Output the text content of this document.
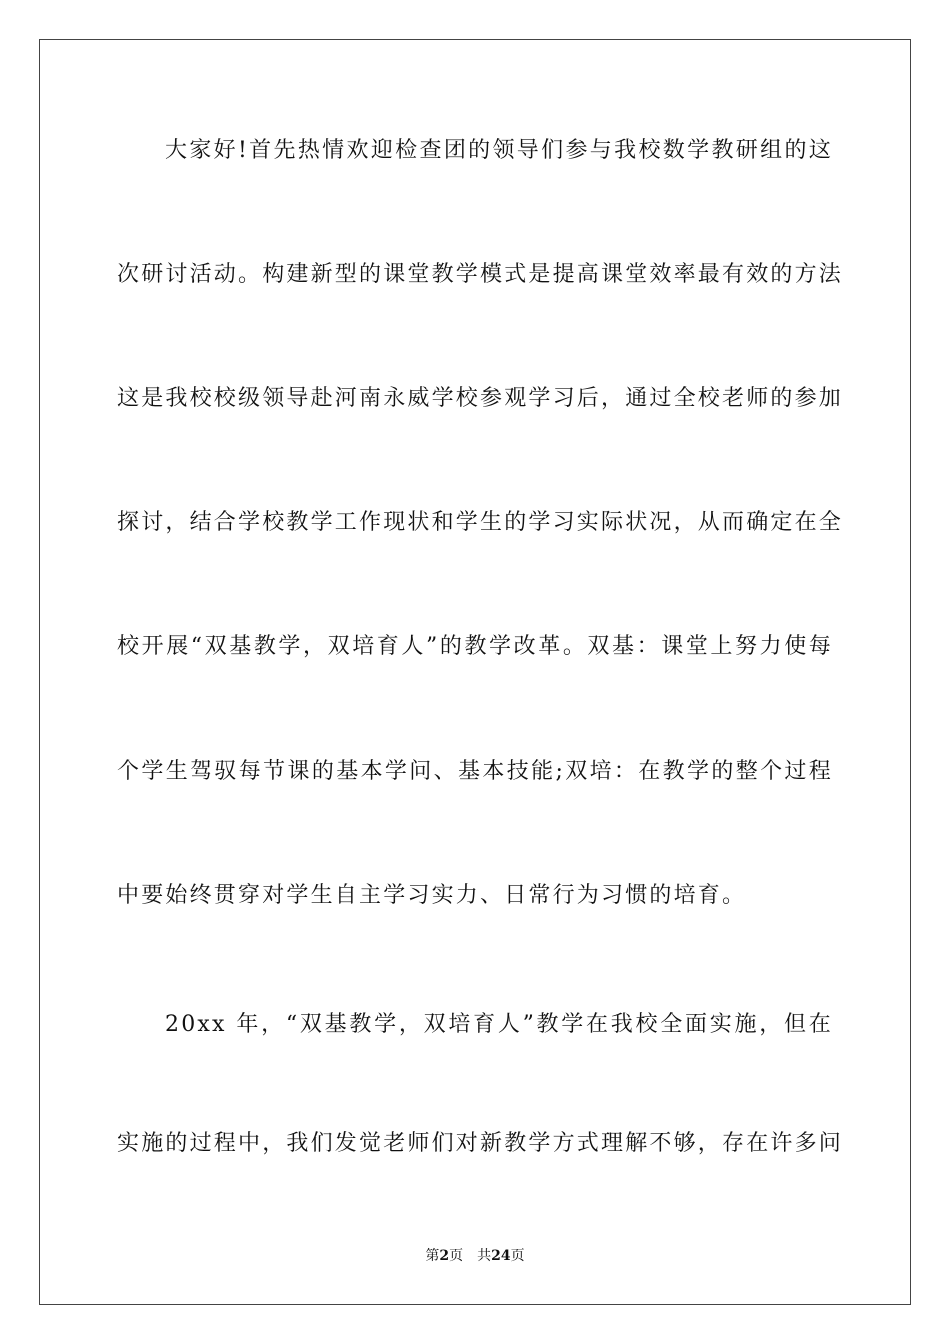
大家好!首先热情欢迎检查团的领导们参与我校数学教研组的这
次研讨活动。构建新型的课堂教学模式是提高课堂效率最有效的方法
这是我校校级领导赴河南永威学校参观学习后，通过全校老师的参加
探讨，结合学校教学工作现状和学生的学习实际状况，从而确定在全
校开展“双基教学，双培育人”的教学改革。双基：课堂上努力使每
个学生驾驭每节课的基本学问、基本技能;双培：在教学的整个过程
中要始终贯穿对学生自主学习实力、日常行为习惯的培育。
20xx 年，“双基教学，双培育人”教学在我校全面实施，但在
实施的过程中，我们发觉老师们对新教学方式理解不够，存在许多问
第2页 共24页
